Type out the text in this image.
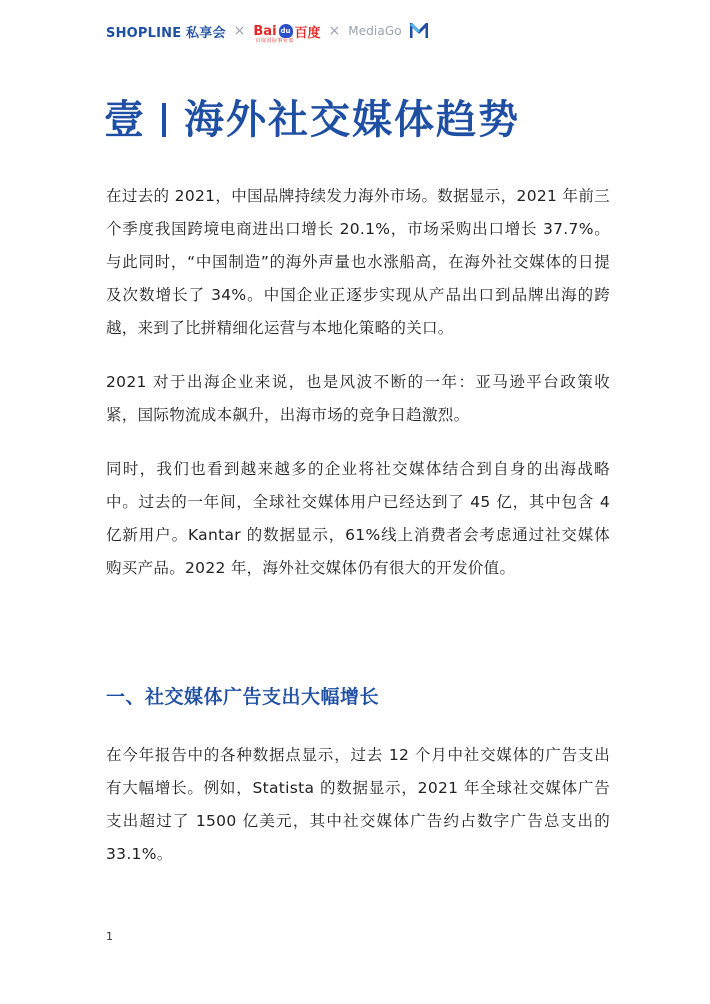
SHOPLINE 私享会 × Bai du 百度
百度国际事业部
× MediaGo
壹 海外社交媒体趋势

在过去的 2021，中国品牌持续发力海外市场。数据显示，2021 年前三个季度我国跨境电商进出口增长 20.1%，市场采购出口增长 37.7%。与此同时，“中国制造”的海外声量也水涨船高，在海外社交媒体的日提及次数增长了 34%。中国企业正逐步实现从产品出口到品牌出海的跨越，来到了比拼精细化运营与本地化策略的关口。

2021 对于出海企业来说，也是风波不断的一年：亚马逊平台政策收紧，国际物流成本飙升，出海市场的竞争日趋激烈。

同时，我们也看到越来越多的企业将社交媒体结合到自身的出海战略中。过去的一年间，全球社交媒体用户已经达到了 45 亿，其中包含 4 亿新用户。Kantar 的数据显示，61%线上消费者会考虑通过社交媒体购买产品。2022 年，海外社交媒体仍有很大的开发价值。

一、社交媒体广告支出大幅增长

在今年报告中的各种数据点显示，过去 12 个月中社交媒体的广告支出有大幅增长。例如，Statista 的数据显示，2021 年全球社交媒体广告支出超过了 1500 亿美元，其中社交媒体广告约占数字广告总支出的 33.1%。

1
